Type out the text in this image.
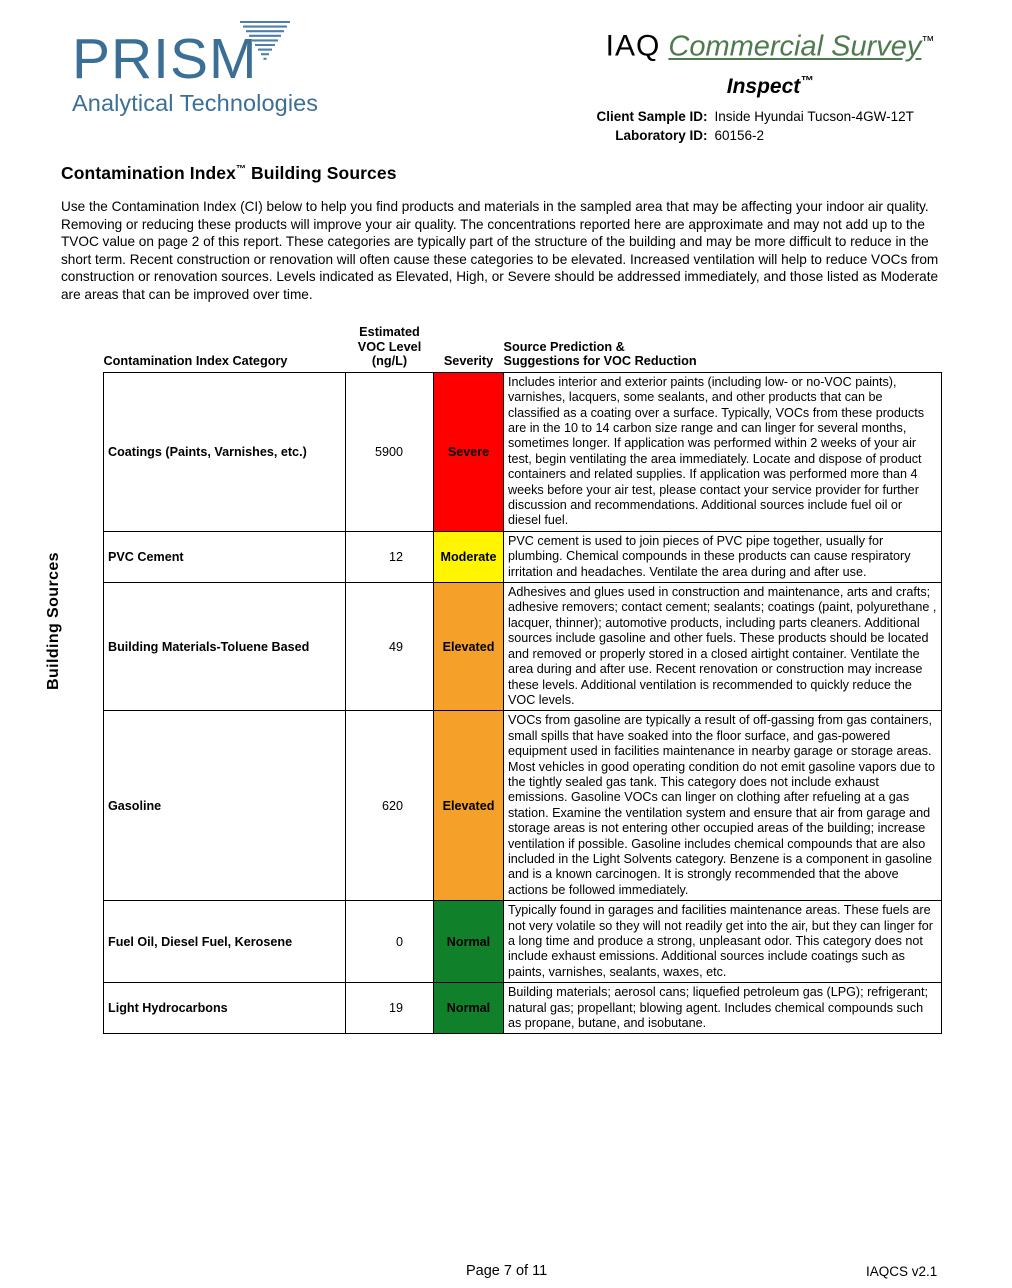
PRISM
Analytical Technologies
IAQ Commercial Survey™
Inspect™
Client Sample ID: Inside Hyundai Tucson-4GW-12T
Laboratory ID: 60156-2
Contamination Index™ Building Sources
Use the Contamination Index (CI) below to help you find products and materials in the sampled area that may be affecting your indoor air quality. Removing or reducing these products will improve your air quality. The concentrations reported here are approximate and may not add up to the TVOC value on page 2 of this report. These categories are typically part of the structure of the building and may be more difficult to reduce in the short term. Recent construction or renovation will often cause these categories to be elevated. Increased ventilation will help to reduce VOCs from construction or renovation sources. Levels indicated as Elevated, High, or Severe should be addressed immediately, and those listed as Moderate are areas that can be improved over time.
Building Sources
Contamination Index Category	Estimated
VOC Level
(ng/L)	Severity	Source Prediction &
Suggestions for VOC Reduction
Coatings (Paints, Varnishes, etc.)	5900	Severe	Includes interior and exterior paints (including low- or no-VOC paints), varnishes, lacquers, some sealants, and other products that can be classified as a coating over a surface. Typically, VOCs from these products are in the 10 to 14 carbon size range and can linger for several months, sometimes longer. If application was performed within 2 weeks of your air test, begin ventilating the area immediately. Locate and dispose of product containers and related supplies. If application was performed more than 4 weeks before your air test, please contact your service provider for further discussion and recommendations. Additional sources include fuel oil or diesel fuel.
PVC Cement	12	Moderate	PVC cement is used to join pieces of PVC pipe together, usually for plumbing. Chemical compounds in these products can cause respiratory irritation and headaches. Ventilate the area during and after use.
Building Materials-Toluene Based	49	Elevated	Adhesives and glues used in construction and maintenance, arts and crafts; adhesive removers; contact cement; sealants; coatings (paint, polyurethane , lacquer, thinner); automotive products, including parts cleaners. Additional sources include gasoline and other fuels. These products should be located and removed or properly stored in a closed airtight container. Ventilate the area during and after use. Recent renovation or construction may increase these levels. Additional ventilation is recommended to quickly reduce the VOC levels.
Gasoline	620	Elevated	VOCs from gasoline are typically a result of off-gassing from gas containers, small spills that have soaked into the floor surface, and gas-powered equipment used in facilities maintenance in nearby garage or storage areas. Most vehicles in good operating condition do not emit gasoline vapors due to the tightly sealed gas tank. This category does not include exhaust emissions. Gasoline VOCs can linger on clothing after refueling at a gas station. Examine the ventilation system and ensure that air from garage and storage areas is not entering other occupied areas of the building; increase ventilation if possible. Gasoline includes chemical compounds that are also included in the Light Solvents category. Benzene is a component in gasoline and is a known carcinogen. It is strongly recommended that the above actions be followed immediately.
Fuel Oil, Diesel Fuel, Kerosene	0	Normal	Typically found in garages and facilities maintenance areas. These fuels are not very volatile so they will not readily get into the air, but they can linger for a long time and produce a strong, unpleasant odor. This category does not include exhaust emissions. Additional sources include coatings such as paints, varnishes, sealants, waxes, etc.
Light Hydrocarbons	19	Normal	Building materials; aerosol cans; liquefied petroleum gas (LPG); refrigerant; natural gas; propellant; blowing agent. Includes chemical compounds such as propane, butane, and isobutane.
Page 7 of 11	IAQCS v2.1
